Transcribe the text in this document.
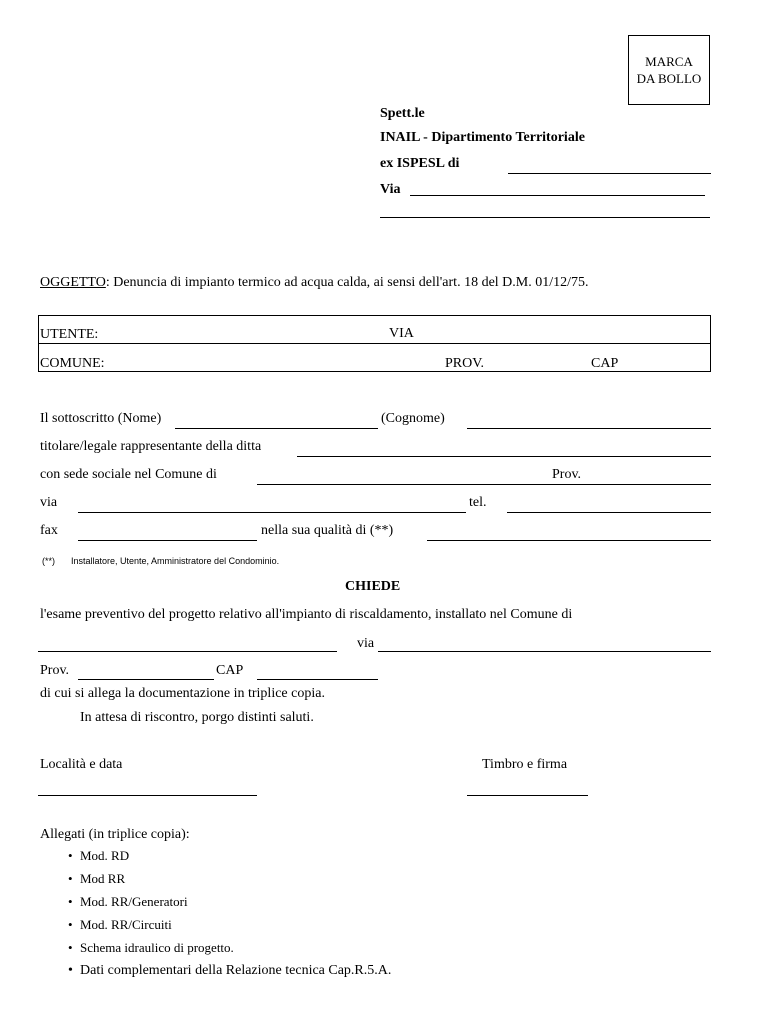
MARCA
DA BOLLO
Spett.le
INAIL - Dipartimento Territoriale
ex ISPESL di
Via
OGGETTO: Denuncia di impianto termico ad acqua calda, ai sensi dell'art. 18 del D.M. 01/12/75.
UTENTE:	VIA
COMUNE:	PROV.	CAP
Il sottoscritto (Nome)	(Cognome)
titolare/legale rappresentante della ditta
con sede sociale nel Comune di	Prov.
via	tel.
fax	nella sua qualità di (**)
(**) Installatore, Utente, Amministratore del Condominio.
CHIEDE
l'esame preventivo del progetto relativo all'impianto di riscaldamento, installato nel Comune di
via
Prov.	CAP
di cui si allega la documentazione in triplice copia.
In attesa di riscontro, porgo distinti saluti.
Località e data	Timbro e firma
Allegati (in triplice copia):
• Mod. RD
• Mod RR
• Mod. RR/Generatori
• Mod. RR/Circuiti
• Schema idraulico di progetto.
• Dati complementari della Relazione tecnica Cap.R.5.A.
